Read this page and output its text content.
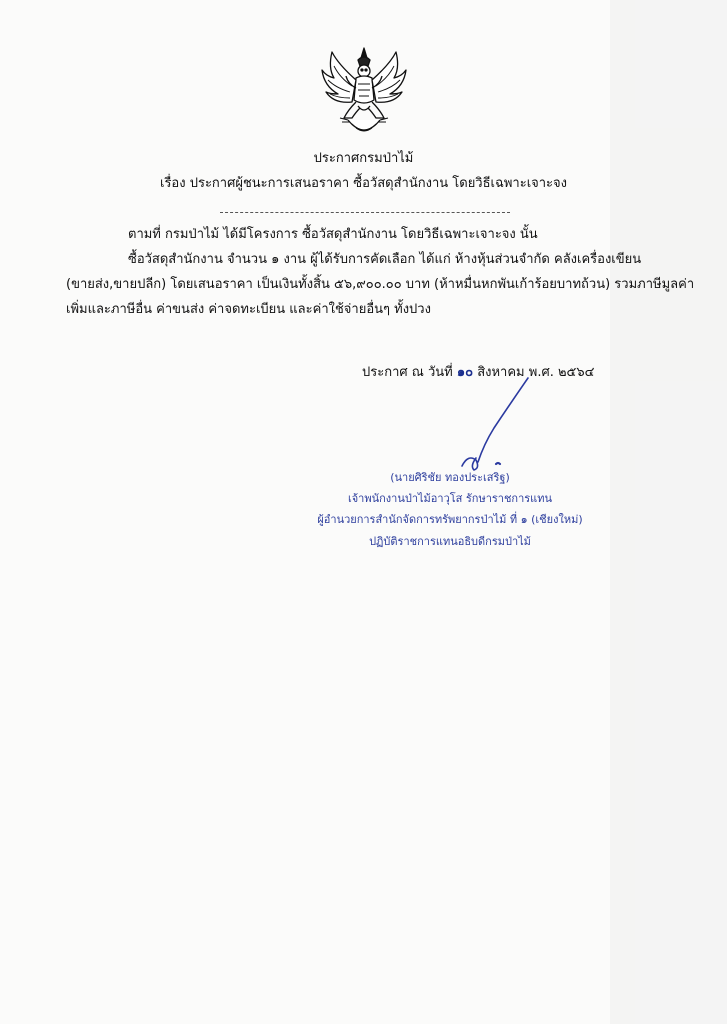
ประกาศกรมป่าไม้
เรื่อง ประกาศผู้ชนะการเสนอราคา ซื้อวัสดุสำนักงาน โดยวิธีเฉพาะเจาะจง
ตามที่ กรมป่าไม้ ได้มีโครงการ ซื้อวัสดุสำนักงาน โดยวิธีเฉพาะเจาะจง นั้น
ซื้อวัสดุสำนักงาน จำนวน ๑ งาน ผู้ได้รับการคัดเลือก ได้แก่ ห้างหุ้นส่วนจำกัด คลังเครื่องเขียน
(ขายส่ง,ขายปลีก) โดยเสนอราคา เป็นเงินทั้งสิ้น ๕๖,๙๐๐.๐๐ บาท (ห้าหมื่นหกพันเก้าร้อยบาทถ้วน) รวมภาษีมูลค่า
เพิ่มและภาษีอื่น ค่าขนส่ง ค่าจดทะเบียน และค่าใช้จ่ายอื่นๆ ทั้งปวง
ประกาศ ณ วันที่ ๑๐ สิงหาคม พ.ศ. ๒๕๖๔
(นายศิริชัย ทองประเสริฐ)
เจ้าพนักงานป่าไม้อาวุโส รักษาราชการแทน
ผู้อำนวยการสำนักจัดการทรัพยากรป่าไม้ ที่ ๑ (เชียงใหม่)
ปฏิบัติราชการแทนอธิบดีกรมป่าไม้
